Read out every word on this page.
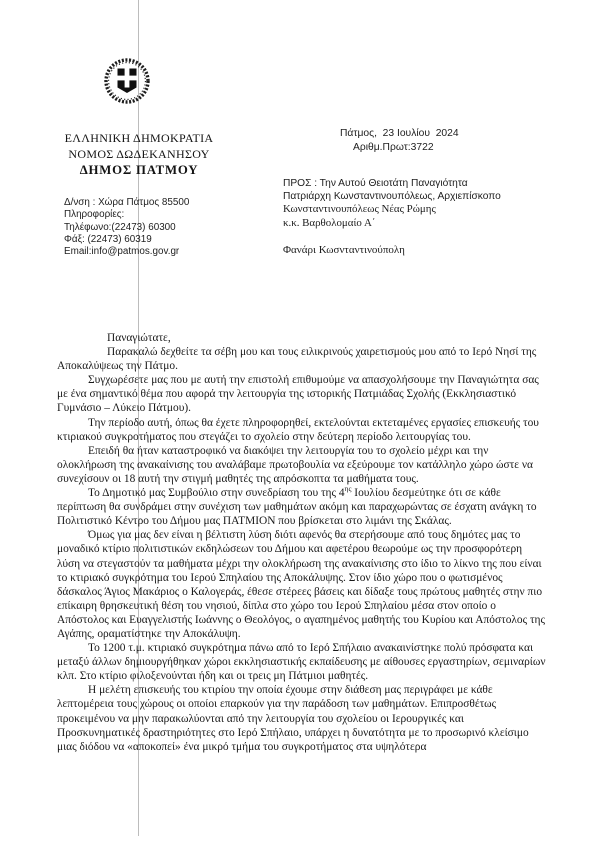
ΕΛΛΗΝΙΚΗ ΔΗΜΟΚΡΑΤΙΑ
ΝΟΜΟΣ ΔΩΔΕΚΑΝΗΣΟΥ
ΔΗΜΟΣ ΠΑΤΜΟΥ
Δ/νση : Χώρα Πάτμος 85500
Πληροφορίες:
Τηλέφωνο:(22473) 60300
Φάξ: (22473) 60319
Email:info@patmos.gov.gr
Πάτμος,  23 Ιουλίου  2024
Αριθμ.Πρωτ:3722
ΠΡΟΣ : Την Αυτού Θειοτάτη Παναγιότητα
Πατριάρχη Κωνσταντινουπόλεως, Αρχιεπίσκοπο
Κωνσταντινουπόλεως Νέας Ρώμης
κ.κ. Βαρθολομαίο Α΄
Φανάρι Κωσνταντινούπολη

Παναγιώτατε,

Παρακαλώ δεχθείτε τα σέβη μου και τους ειλικρινούς χαιρετισμούς μου από το Ιερό Νησί της Αποκαλύψεως την Πάτμο.

Συγχωρέσετε μας που με αυτή την επιστολή επιθυμούμε να απασχολήσουμε την Παναγιώτητα σας με ένα σημαντικό θέμα που αφορά την λειτουργία της ιστορικής Πατμιάδας Σχολής (Εκκλησιαστικό Γυμνάσιο – Λύκειο Πάτμου).

Την περίοδο αυτή, όπως θα έχετε πληροφορηθεί, εκτελούνται εκτεταμένες εργασίες επισκευής του κτιριακού συγκροτήματος που στεγάζει το σχολείο στην δεύτερη περίοδο λειτουργίας του.

Επειδή θα ήταν καταστροφικό να διακόψει την λειτουργία του το σχολείο μέχρι και την ολοκλήρωση της ανακαίνισης του αναλάβαμε πρωτοβουλία να εξεύρουμε τον κατάλληλο χώρο ώστε να συνεχίσουν οι 18 αυτή την στιγμή μαθητές της απρόσκοπτα τα μαθήματα τους.

Το Δημοτικό μας Συμβούλιο στην συνεδρίαση του της $4^{\eta\varsigma}$ Ιουλίου δεσμεύτηκε ότι σε κάθε περίπτωση θα συνδράμει στην συνέχιση των μαθημάτων ακόμη και παραχωρώντας σε έσχατη ανάγκη το Πολιτιστικό Κέντρο του Δήμου μας ΠΑΤΜΙΟΝ που βρίσκεται στο λιμάνι της Σκάλας.

Όμως για μας δεν είναι η βέλτιστη λύση διότι αφενός θα στερήσουμε από τους δημότες μας το μοναδικό κτίριο πολιτιστικών εκδηλώσεων του Δήμου και αφετέρου θεωρούμε ως την προσφορότερη λύση να στεγαστούν τα μαθήματα μέχρι την ολοκλήρωση της ανακαίνισης στο ίδιο το λίκνο της που είναι το κτιριακό συγκρότημα του Ιερού Σπηλαίου της Αποκάλυψης. Στον ίδιο χώρο που ο φωτισμένος δάσκαλος Άγιος Μακάριος ο Καλογεράς, έθεσε στέρεες βάσεις και δίδαξε τους πρώτους μαθητές στην πιο επίκαιρη θρησκευτική θέση του νησιού, δίπλα στο χώρο του Ιερού Σπηλαίου μέσα στον οποίο ο Απόστολος και Ευαγγελιστής Ιωάννης ο Θεολόγος, ο αγαπημένος μαθητής του Κυρίου και Απόστολος της Αγάπης, οραματίστηκε την Αποκάλυψη.

Το 1200 τ.μ. κτιριακό συγκρότημα πάνω από το Ιερό Σπήλαιο ανακαινίστηκε πολύ πρόσφατα και μεταξύ άλλων δημιουργήθηκαν χώροι εκκλησιαστικής εκπαίδευσης με αίθουσες εργαστηρίων, σεμιναρίων κλπ. Στο κτίριο φιλοξενούνται ήδη και οι τρεις μη Πάτμιοι μαθητές.

Η μελέτη επισκευής του κτιρίου την οποία έχουμε στην διάθεση μας περιγράφει με κάθε λεπτομέρεια τους χώρους οι οποίοι επαρκούν για την παράδοση των μαθημάτων. Επιπροσθέτως προκειμένου να μην παρακωλύονται από την λειτουργία του σχολείου οι Ιερουργικές και Προσκυνηματικές δραστηριότητες στο Ιερό Σπήλαιο, υπάρχει η δυνατότητα με το προσωρινό κλείσιμο μιας διόδου να «αποκοπεί» ένα μικρό τμήμα του συγκροτήματος στα υψηλότερα
